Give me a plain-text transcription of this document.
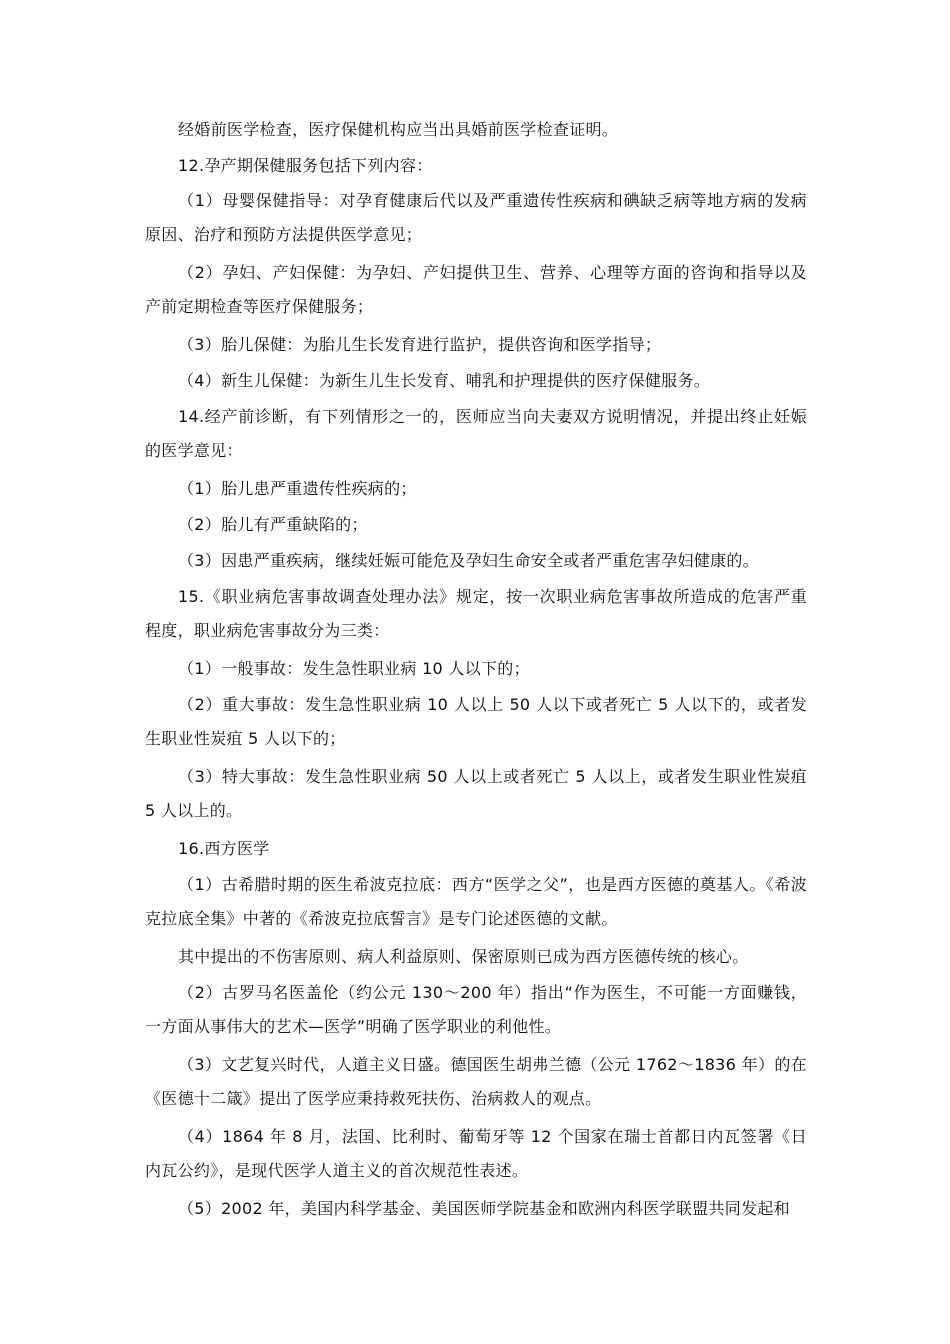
经婚前医学检查，医疗保健机构应当出具婚前医学检查证明。

12.孕产期保健服务包括下列内容：

（1）母婴保健指导：对孕育健康后代以及严重遗传性疾病和碘缺乏病等地方病的发病原因、治疗和预防方法提供医学意见；

（2）孕妇、产妇保健：为孕妇、产妇提供卫生、营养、心理等方面的咨询和指导以及产前定期检查等医疗保健服务；

（3）胎儿保健：为胎儿生长发育进行监护，提供咨询和医学指导；

（4）新生儿保健：为新生儿生长发育、哺乳和护理提供的医疗保健服务。

14.经产前诊断，有下列情形之一的，医师应当向夫妻双方说明情况，并提出终止妊娠的医学意见：

（1）胎儿患严重遗传性疾病的；

（2）胎儿有严重缺陷的；

（3）因患严重疾病，继续妊娠可能危及孕妇生命安全或者严重危害孕妇健康的。

15.《职业病危害事故调查处理办法》规定，按一次职业病危害事故所造成的危害严重程度，职业病危害事故分为三类：

（1）一般事故：发生急性职业病 10 人以下的；

（2）重大事故：发生急性职业病 10 人以上 50 人以下或者死亡 5 人以下的，或者发生职业性炭疽 5 人以下的；

（3）特大事故：发生急性职业病 50 人以上或者死亡 5 人以上，或者发生职业性炭疽 5 人以上的。

16.西方医学

（1）古希腊时期的医生希波克拉底：西方“医学之父”，也是西方医德的奠基人。《希波克拉底全集》中著的《希波克拉底誓言》是专门论述医德的文献。

其中提出的不伤害原则、病人利益原则、保密原则已成为西方医德传统的核心。

（2）古罗马名医盖伦（约公元 130～200 年）指出“作为医生，不可能一方面赚钱，一方面从事伟大的艺术—医学”明确了医学职业的利他性。

（3）文艺复兴时代，人道主义日盛。德国医生胡弗兰德（公元 1762～1836 年）的在《医德十二箴》提出了医学应秉持救死扶伤、治病救人的观点。

（4）1864 年 8 月，法国、比利时、葡萄牙等 12 个国家在瑞士首都日内瓦签署《日内瓦公约》，是现代医学人道主义的首次规范性表述。

（5）2002 年，美国内科学基金、美国医师学院基金和欧洲内科医学联盟共同发起和
